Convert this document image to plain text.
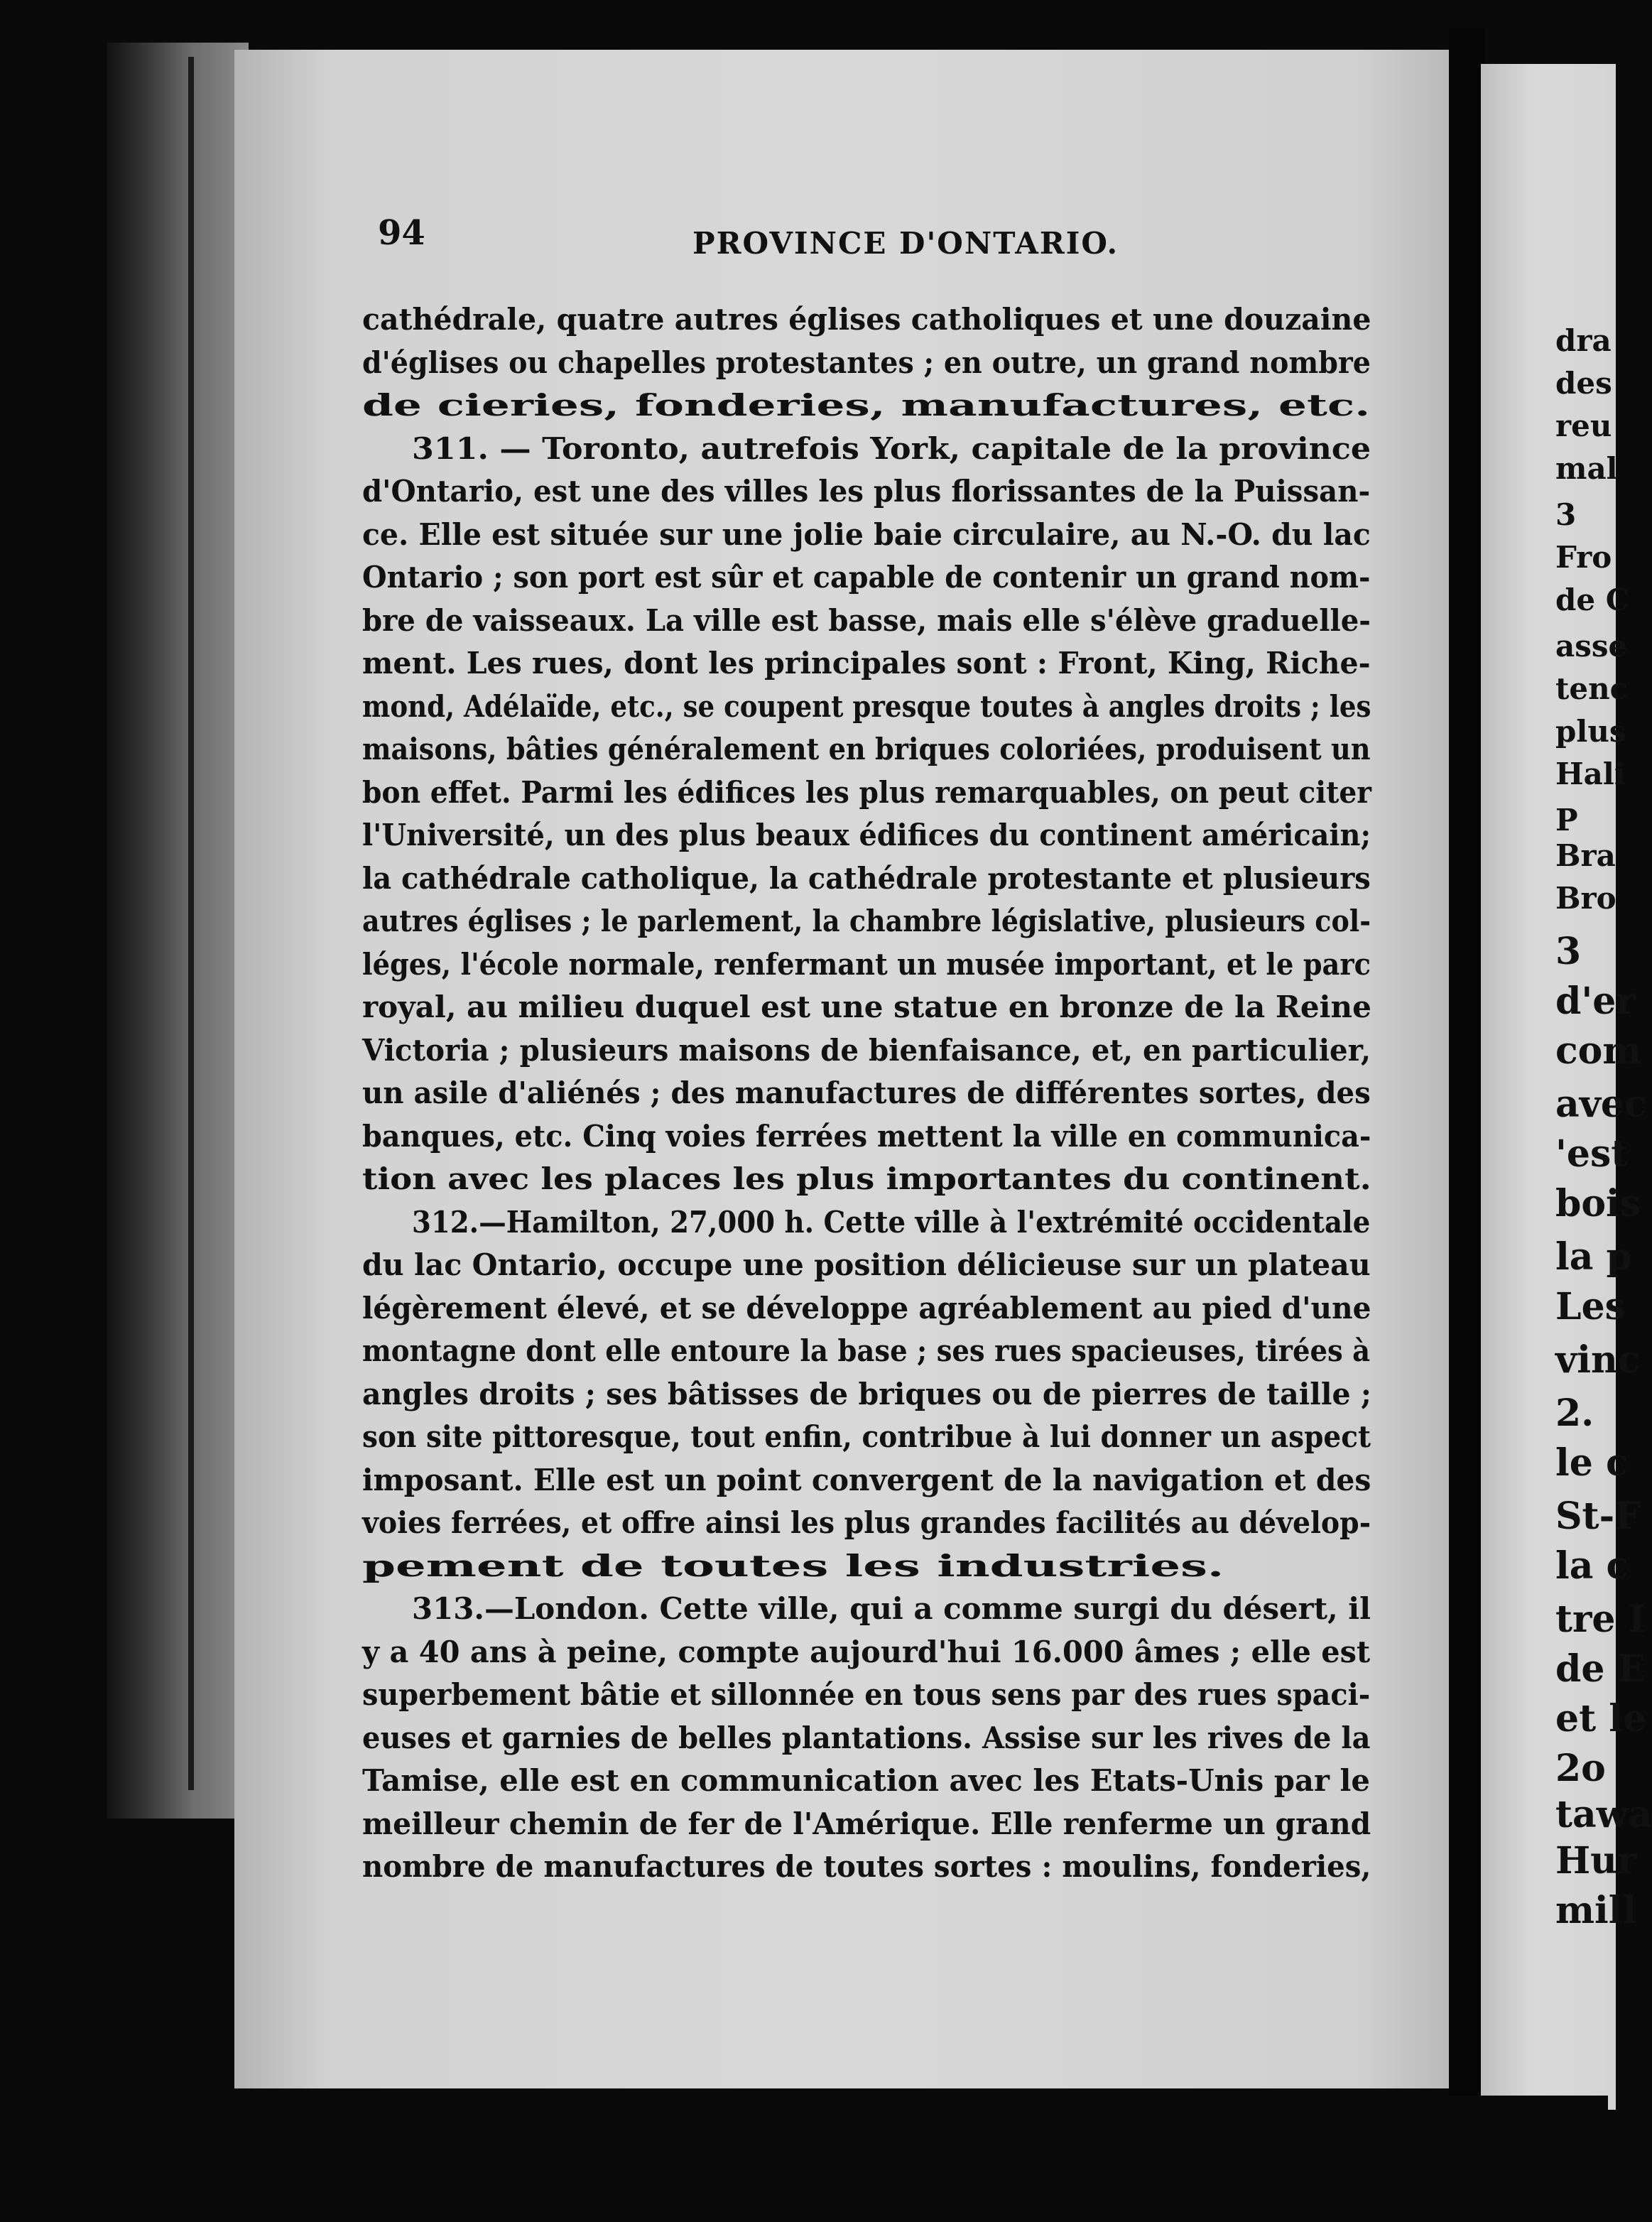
94	PROVINCE D'ONTARIO.
cathédrale, quatre autres églises catholiques et une douzaine
d'églises ou chapelles protestantes ; en outre, un grand nombre
de cieries, fonderies, manufactures, etc.
311. — Toronto, autrefois York, capitale de la province
d'Ontario, est une des villes les plus florissantes de la Puissan-
ce. Elle est située sur une jolie baie circulaire, au N.-O. du lac
Ontario ; son port est sûr et capable de contenir un grand nom-
bre de vaisseaux. La ville est basse, mais elle s'élève graduelle-
ment. Les rues, dont les principales sont : Front, King, Riche-
mond, Adélaïde, etc., se coupent presque toutes à angles droits ; les
maisons, bâties généralement en briques coloriées, produisent un
bon effet. Parmi les édifices les plus remarquables, on peut citer
l'Université, un des plus beaux édifices du continent américain;
la cathédrale catholique, la cathédrale protestante et plusieurs
autres églises ; le parlement, la chambre législative, plusieurs col-
léges, l'école normale, renfermant un musée important, et le parc
royal, au milieu duquel est une statue en bronze de la Reine
Victoria ; plusieurs maisons de bienfaisance, et, en particulier,
un asile d'aliénés ; des manufactures de différentes sortes, des
banques, etc. Cinq voies ferrées mettent la ville en communica-
tion avec les places les plus importantes du continent.
312.—Hamilton, 27,000 h. Cette ville à l'extrémité occidentale
du lac Ontario, occupe une position délicieuse sur un plateau
légèrement élevé, et se développe agréablement au pied d'une
montagne dont elle entoure la base ; ses rues spacieuses, tirées à
angles droits ; ses bâtisses de briques ou de pierres de taille ;
son site pittoresque, tout enfin, contribue à lui donner un aspect
imposant. Elle est un point convergent de la navigation et des
voies ferrées, et offre ainsi les plus grandes facilités au dévelop-
pement de toutes les industries.
313.—London. Cette ville, qui a comme surgi du désert, il
y a 40 ans à peine, compte aujourd'hui 16.000 âmes ; elle est
superbement bâtie et sillonnée en tous sens par des rues spaci-
euses et garnies de belles plantations. Assise sur les rives de la
Tamise, elle est en communication avec les Etats-Unis par le
meilleur chemin de fer de l'Amérique. Elle renferme un grand
nombre de manufactures de toutes sortes : moulins, fonderies,
dra
des
reu
mal
3
Fro
de C
asse
tenc
plus
Hali
P
Bra
Bro
3
d'er
com
avec
'est
bois
la p
Les
vinc
2.
le c
St-F
la c
tre I
de E
et le
2o
tawa
Hur
mill
